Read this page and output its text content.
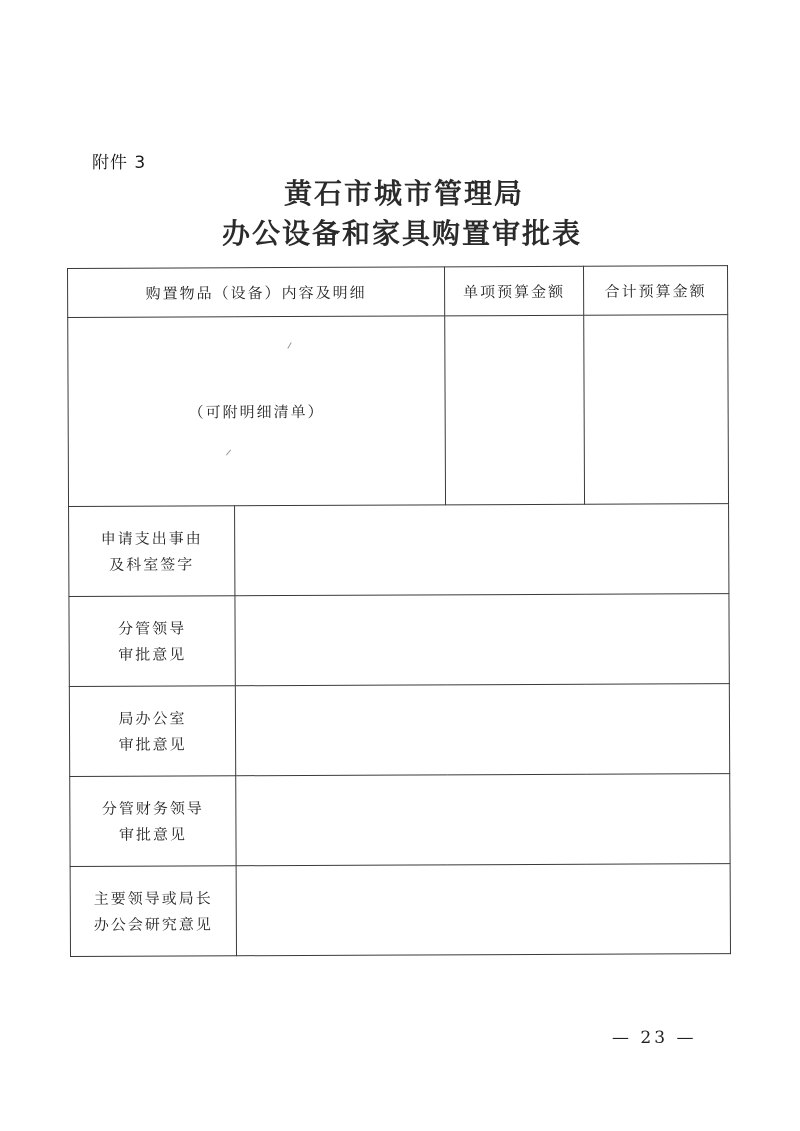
附件 3
黄石市城市管理局
办公设备和家具购置审批表
购置物品（设备）内容及明细		单项预算金额	合计预算金额
（可附明细清单）			

申请支出事由
及科室签字			

分管领导
审批意见			

局办公室
审批意见			

分管财务领导
审批意见			

主要领导或局长
办公会研究意见			

— 23 —
